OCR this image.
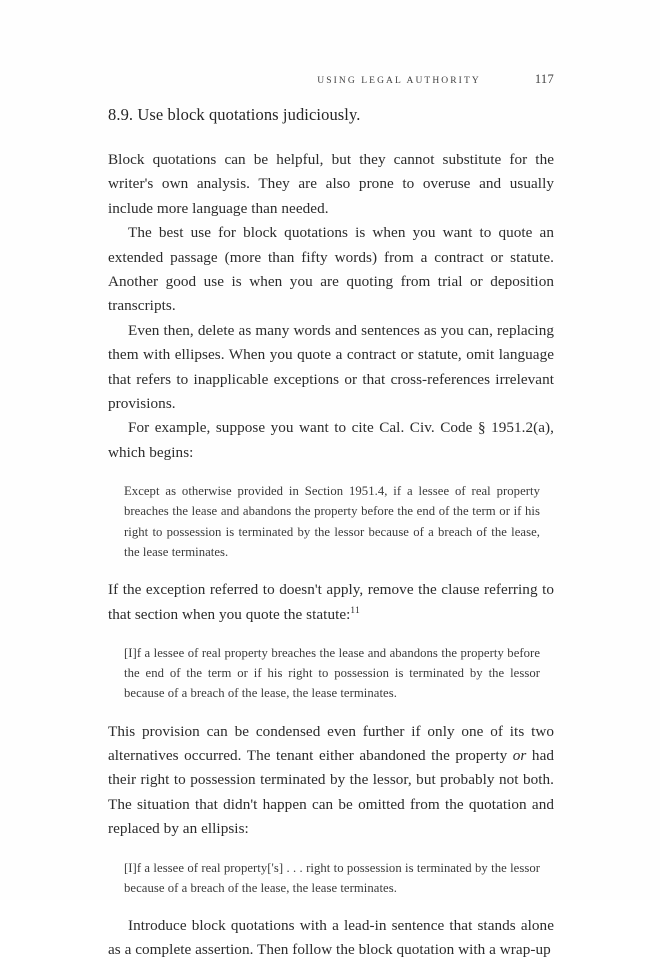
USING LEGAL AUTHORITY	117
8.9. Use block quotations judiciously.

Block quotations can be helpful, but they cannot substitute for the writer's own analysis. They are also prone to overuse and usually include more language than needed.

The best use for block quotations is when you want to quote an extended passage (more than fifty words) from a contract or statute. Another good use is when you are quoting from trial or deposition transcripts.

Even then, delete as many words and sentences as you can, replacing them with ellipses. When you quote a contract or statute, omit language that refers to inapplicable exceptions or that cross-references irrelevant provisions.

For example, suppose you want to cite Cal. Civ. Code § 1951.2(a), which begins:

Except as otherwise provided in Section 1951.4, if a lessee of real property breaches the lease and abandons the property before the end of the term or if his right to possession is terminated by the lessor because of a breach of the lease, the lease terminates.

If the exception referred to doesn't apply, remove the clause referring to that section when you quote the statute:$^{11}$

[I]f a lessee of real property breaches the lease and abandons the property before the end of the term or if his right to possession is terminated by the lessor because of a breach of the lease, the lease terminates.

This provision can be condensed even further if only one of its two alternatives occurred. The tenant either abandoned the property or had their right to possession terminated by the lessor, but probably not both. The situation that didn't happen can be omitted from the quotation and replaced by an ellipsis:

[I]f a lessee of real property['s] . . . right to possession is terminated by the lessor because of a breach of the lease, the lease terminates.

Introduce block quotations with a lead-in sentence that stands alone as a complete assertion. Then follow the block quotation with a wrap-up
